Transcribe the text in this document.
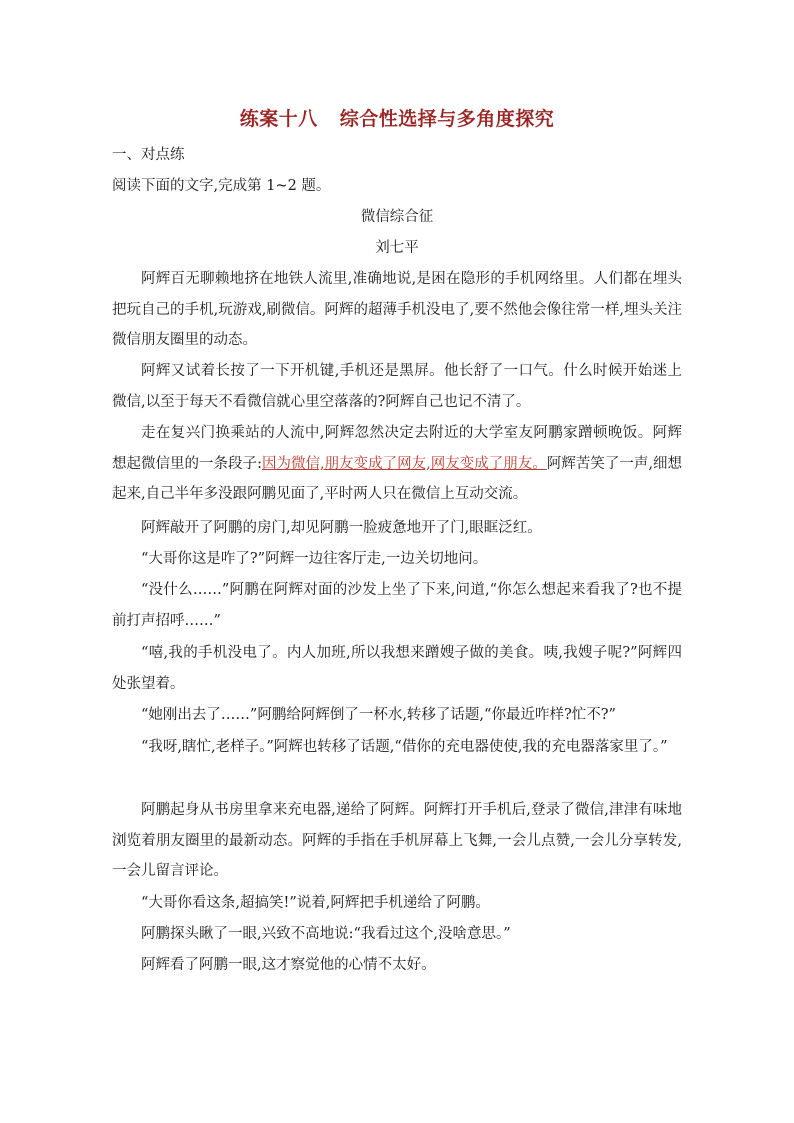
练案十八 综合性选择与多角度探究
一、对点练
阅读下面的文字,完成第 1~2 题。
微信综合征
刘七平
阿辉百无聊赖地挤在地铁人流里,准确地说,是困在隐形的手机网络里。人们都在埋头把玩自己的手机,玩游戏,刷微信。阿辉的超薄手机没电了,要不然他会像往常一样,埋头关注微信朋友圈里的动态。
阿辉又试着长按了一下开机键,手机还是黑屏。他长舒了一口气。什么时候开始迷上微信,以至于每天不看微信就心里空落落的?阿辉自己也记不清了。
走在复兴门换乘站的人流中,阿辉忽然决定去附近的大学室友阿鹏家蹭顿晚饭。阿辉想起微信里的一条段子:因为微信,朋友变成了网友,网友变成了朋友。阿辉苦笑了一声,细想起来,自己半年多没跟阿鹏见面了,平时两人只在微信上互动交流。
阿辉敲开了阿鹏的房门,却见阿鹏一脸疲惫地开了门,眼眶泛红。
“大哥你这是咋了?”阿辉一边往客厅走,一边关切地问。
“没什么……”阿鹏在阿辉对面的沙发上坐了下来,问道,“你怎么想起来看我了?也不提前打声招呼……”
“嘻,我的手机没电了。内人加班,所以我想来蹭嫂子做的美食。咦,我嫂子呢?”阿辉四处张望着。
“她刚出去了……”阿鹏给阿辉倒了一杯水,转移了话题,“你最近咋样?忙不?”
“我呀,瞎忙,老样子。”阿辉也转移了话题,“借你的充电器使使,我的充电器落家里了。”
阿鹏起身从书房里拿来充电器,递给了阿辉。阿辉打开手机后,登录了微信,津津有味地浏览着朋友圈里的最新动态。阿辉的手指在手机屏幕上飞舞,一会儿点赞,一会儿分享转发,一会儿留言评论。
“大哥你看这条,超搞笑!”说着,阿辉把手机递给了阿鹏。
阿鹏探头瞅了一眼,兴致不高地说:“我看过这个,没啥意思。”
阿辉看了阿鹏一眼,这才察觉他的心情不太好。
